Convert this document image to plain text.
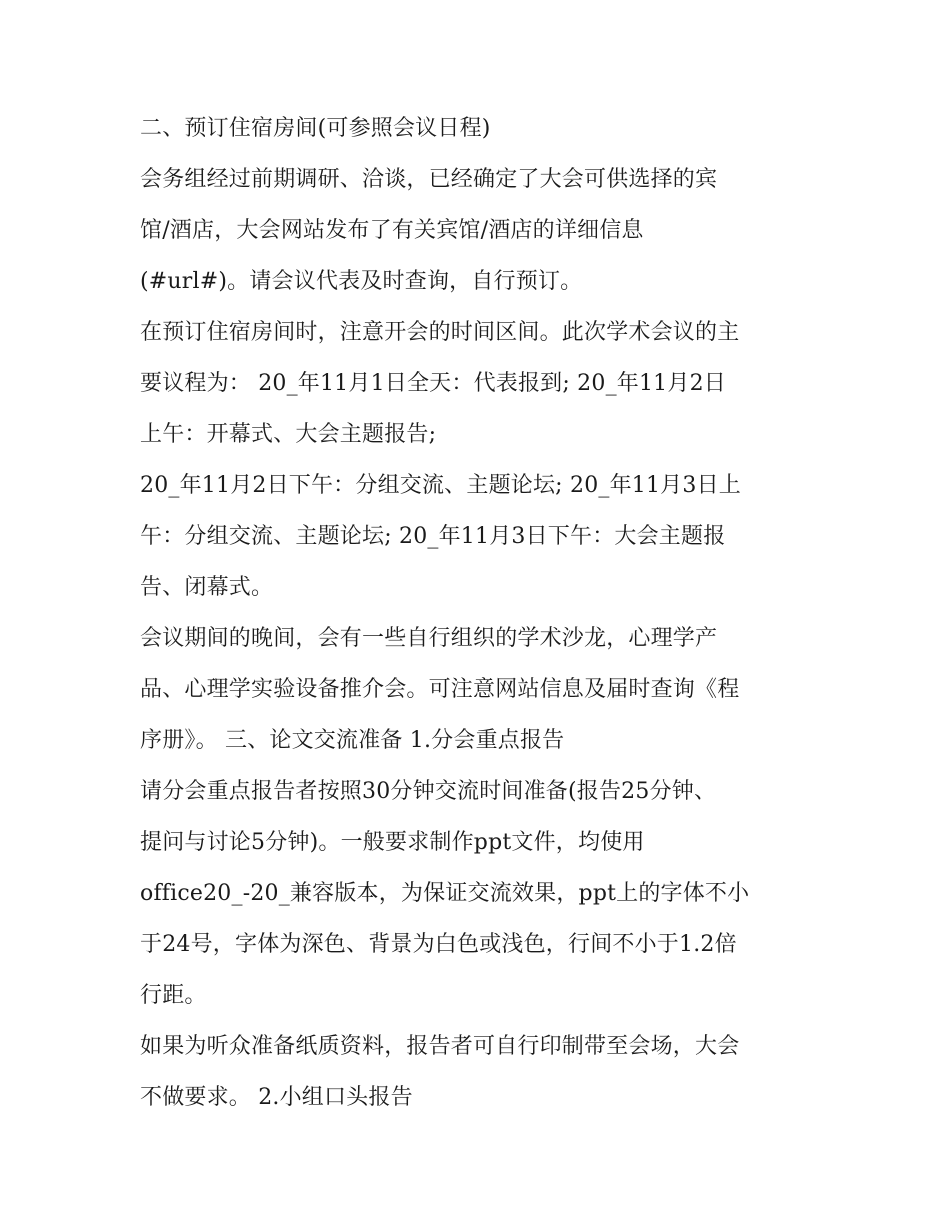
二、预订住宿房间(可参照会议日程)
会务组经过前期调研、洽谈，已经确定了大会可供选择的宾
馆/酒店，大会网站发布了有关宾馆/酒店的详细信息
(#url#)。请会议代表及时查询，自行预订。
在预订住宿房间时，注意开会的时间区间。此次学术会议的主
要议程为： 20_年11月1日全天：代表报到; 20_年11月2日
上午：开幕式、大会主题报告;
20_年11月2日下午：分组交流、主题论坛; 20_年11月3日上
午：分组交流、主题论坛; 20_年11月3日下午：大会主题报
告、闭幕式。
会议期间的晚间，会有一些自行组织的学术沙龙，心理学产
品、心理学实验设备推介会。可注意网站信息及届时查询《程
序册》。 三、论文交流准备 1.分会重点报告
请分会重点报告者按照30分钟交流时间准备(报告25分钟、
提问与讨论5分钟)。一般要求制作ppt文件，均使用
office20_-20_兼容版本，为保证交流效果，ppt上的字体不小
于24号，字体为深色、背景为白色或浅色，行间不小于1.2倍
行距。
如果为听众准备纸质资料，报告者可自行印制带至会场，大会
不做要求。 2.小组口头报告
